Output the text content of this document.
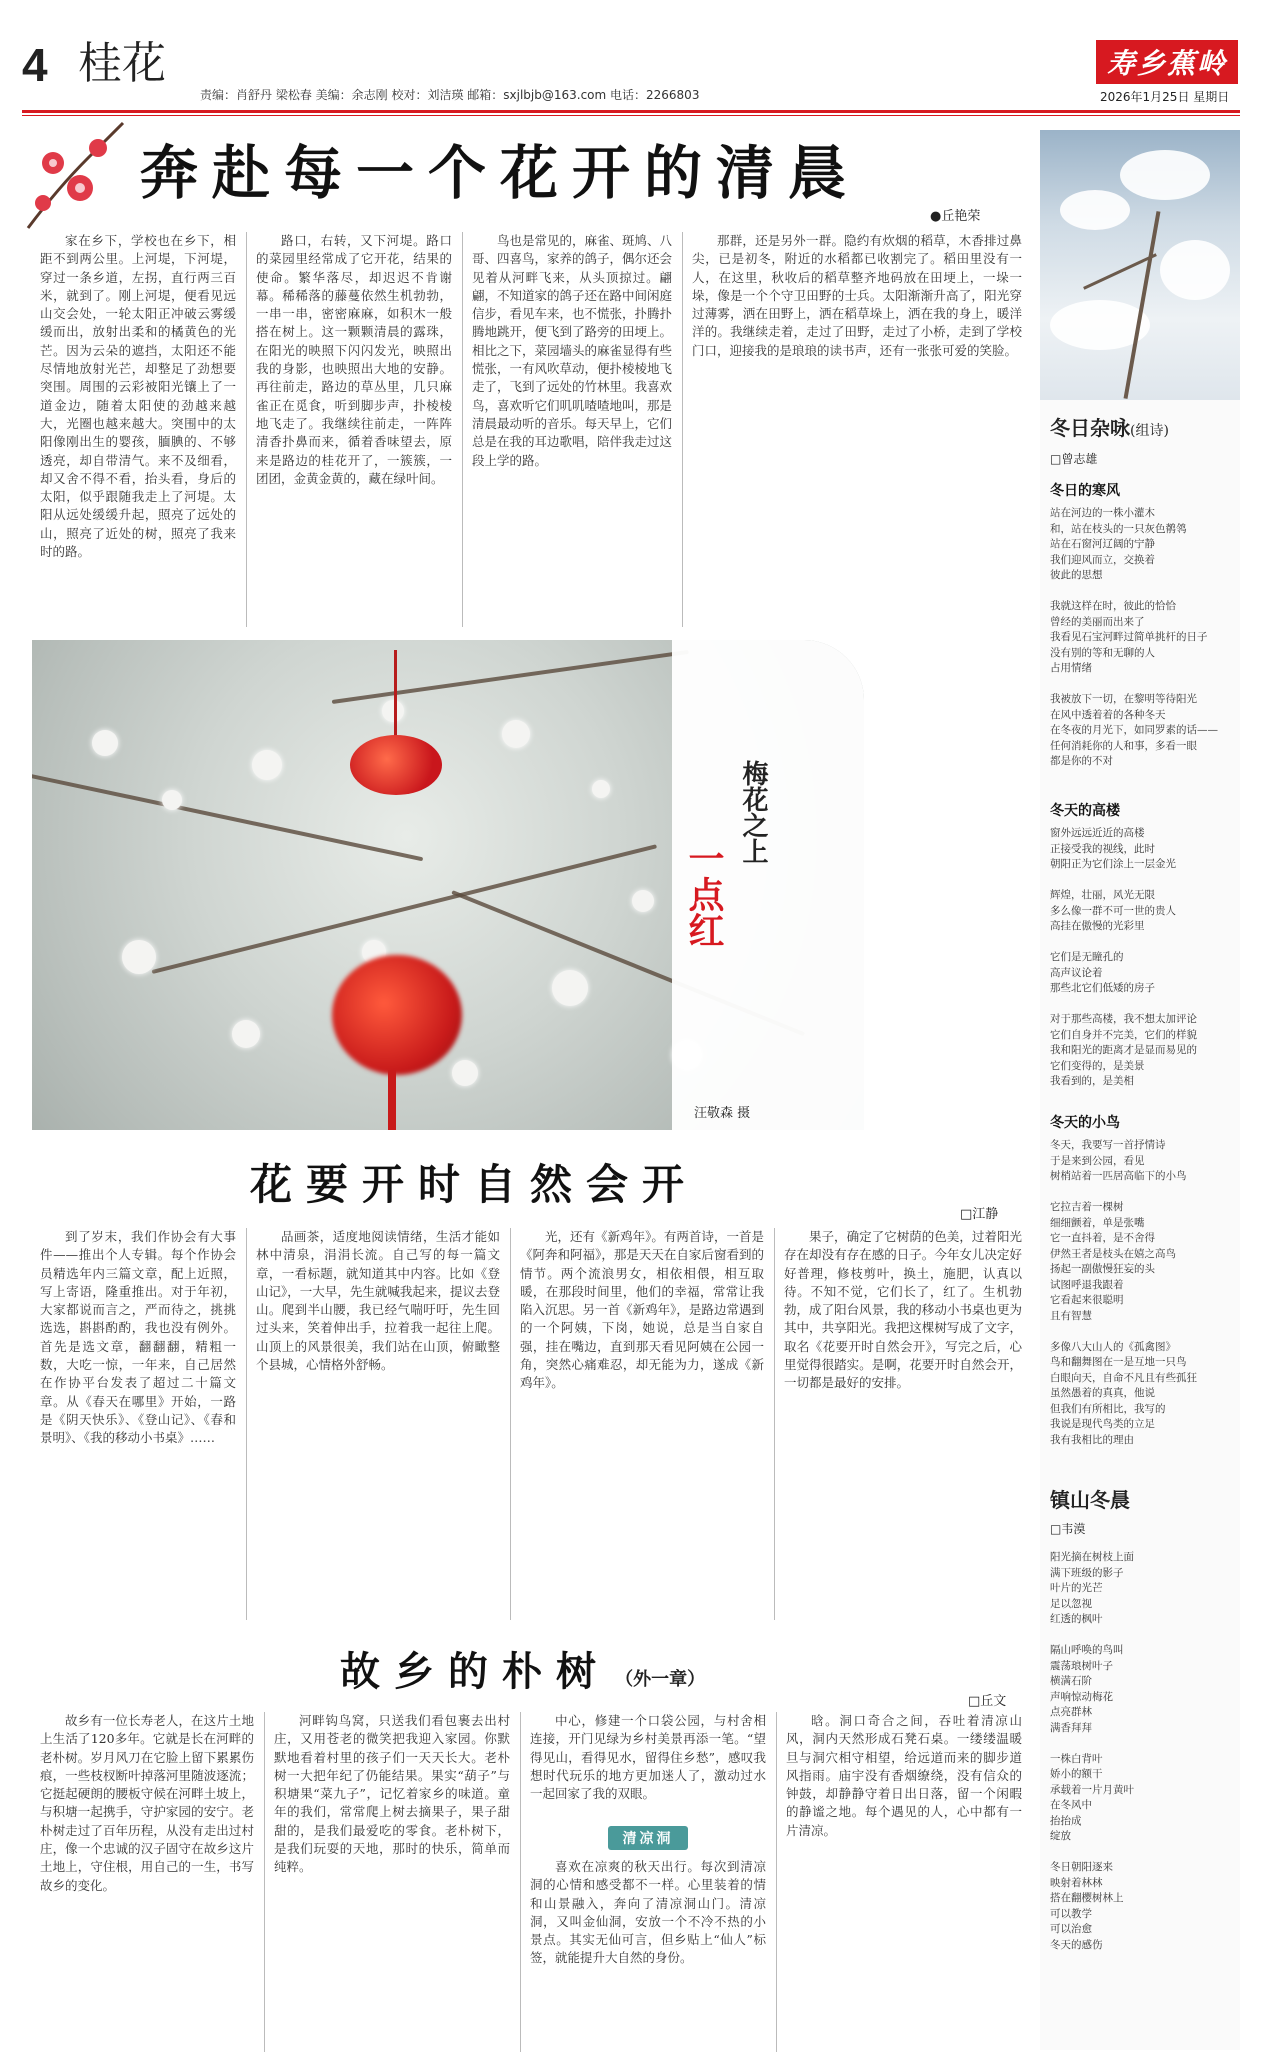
4 桂花
责编：肖舒丹 梁松春 美编：余志刚 校对：刘洁瑛 邮箱：sxjlbjb@163.com 电话：2266803
寿乡蕉岭
2026年1月25日 星期日
奔赴每一个花开的清晨
●丘艳荣

家在乡下，学校也在乡下，相距不到两公里。上河堤，下河堤，穿过一条乡道，左拐，直行两三百米，就到了。刚上河堤，便看见远山交会处，一轮太阳正冲破云雾缓缓而出，放射出柔和的橘黄色的光芒。因为云朵的遮挡，太阳还不能尽情地放射光芒，却整足了劲想要突围。周围的云彩被阳光镶上了一道金边，随着太阳使的劲越来越大，光圈也越来越大。突围中的太阳像刚出生的婴孩，腼腆的、不够透亮，却自带清气。来不及细看，却又舍不得不看，抬头看，身后的太阳，似乎跟随我走上了河堤。太阳从远处缓缓升起，照亮了远处的山，照亮了近处的树，照亮了我来时的路。

路口，右转，又下河堤。路口的菜园里经常成了它开花，结果的使命。繁华落尽，却迟迟不肯谢幕。稀稀落的藤蔓依然生机勃勃，一串一串，密密麻麻，如积木一般搭在树上。这一颗颗清晨的露珠，在阳光的映照下闪闪发光，映照出我的身影，也映照出大地的安静。再往前走，路边的草丛里，几只麻雀正在觅食，听到脚步声，扑棱棱地飞走了。我继续往前走，一阵阵清香扑鼻而来，循着香味望去，原来是路边的桂花开了，一簇簇，一团团，金黄金黄的，藏在绿叶间。

鸟也是常见的，麻雀、斑鸠、八哥、四喜鸟，家养的鸽子，偶尔还会见着从河畔飞来，从头顶掠过。翩翩，不知道家的鸽子还在路中间闲庭信步，看见车来，也不慌张，扑腾扑腾地跳开，便飞到了路旁的田埂上。相比之下，菜园墙头的麻雀显得有些慌张，一有风吹草动，便扑棱棱地飞走了，飞到了远处的竹林里。我喜欢鸟，喜欢听它们叽叽喳喳地叫，那是清晨最动听的音乐。每天早上，它们总是在我的耳边歌唱，陪伴我走过这段上学的路。

那群，还是另外一群。隐约有炊烟的稻草，木香排过鼻尖，已是初冬，附近的水稻都已收割完了。稻田里没有一人，在这里，秋收后的稻草整齐地码放在田埂上，一垛一垛，像是一个个守卫田野的士兵。太阳渐渐升高了，阳光穿过薄雾，洒在田野上，洒在稻草垛上，洒在我的身上，暖洋洋的。我继续走着，走过了田野，走过了小桥，走到了学校门口，迎接我的是琅琅的读书声，还有一张张可爱的笑脸。

梅花之上
一点红
汪敬森 摄
花要开时自然会开
□江静

到了岁末，我们作协会有大事件——推出个人专辑。每个作协会员精选年内三篇文章，配上近照，写上寄语，隆重推出。对于年初，大家都说而言之，严而待之，挑挑选选，斟斟酌酌，我也没有例外。首先是选文章，翻翻翻，精粗一数，大吃一惊，一年来，自己居然在作协平台发表了超过二十篇文章。从《春天在哪里》开始，一路是《阴天快乐》、《登山记》、《春和景明》、《我的移动小书桌》……

品画茶，适度地阅读情绪，生活才能如林中清泉，涓涓长流。自己写的每一篇文章，一看标题，就知道其中内容。比如《登山记》，一大早，先生就喊我起来，提议去登山。爬到半山腰，我已经气喘吁吁，先生回过头来，笑着伸出手，拉着我一起往上爬。山顶上的风景很美，我们站在山顶，俯瞰整个县城，心情格外舒畅。

光，还有《新鸡年》。有两首诗，一首是《阿奔和阿福》，那是天天在自家后窗看到的情节。两个流浪男女，相依相偎，相互取暖，在那段时间里，他们的幸福，常常让我陷入沉思。另一首《新鸡年》，是路边常遇到的一个阿姨，下岗，她说，总是当自家自强，挂在嘴边，直到那天看见阿姨在公园一角，突然心痛难忍，却无能为力，遂成《新鸡年》。

果子，确定了它树荫的色美，过着阳光存在却没有存在感的日子。今年女儿决定好好普理，修枝剪叶，换土，施肥，认真以待。不知不觉，它们长了，红了。生机勃勃，成了阳台风景，我的移动小书桌也更为其中，共享阳光。我把这棵树写成了文字，取名《花要开时自然会开》，写完之后，心里觉得很踏实。是啊，花要开时自然会开，一切都是最好的安排。

故乡的朴树 （外一章）
□丘文

故乡有一位长寿老人，在这片土地上生活了120多年。它就是长在河畔的老朴树。岁月风刀在它脸上留下累累伤痕，一些枝杈断叶掉落河里随波逐流；它挺起硬朗的腰板守候在河畔土坡上，与积塘一起携手，守护家园的安宁。老朴树走过了百年历程，从没有走出过村庄，像一个忠诚的汉子固守在故乡这片土地上，守住根，用自己的一生，书写故乡的变化。

河畔钩鸟窝，只送我们看包裹去出村庄，又用苍老的微笑把我迎入家园。你默默地看着村里的孩子们一天天长大。老朴树一大把年纪了仍能结果。果实“葫子”与积塘果“菜九子”，记忆着家乡的味道。童年的我们，常常爬上树去摘果子，果子甜甜的，是我们最爱吃的零食。老朴树下，是我们玩耍的天地，那时的快乐，简单而纯粹。

中心，修建一个口袋公园，与村舍相连接，开门见绿为乡村美景再添一笔。“望得见山，看得见水，留得住乡愁”，感叹我想时代玩乐的地方更加迷人了，激动过水一起回家了我的双眼。

清凉洞

喜欢在凉爽的秋天出行。每次到清凉洞的心情和感受都不一样。心里装着的情和山景融入，奔向了清凉洞山门。清凉洞，又叫金仙洞，安放一个不冷不热的小景点。其实无仙可言，但乡贴上“仙人”标签，就能提升大自然的身份。

晗。洞口奇合之间，吞吐着清凉山风，洞内天然形成石凳石桌。一缕缕温暖旦与洞穴相守相望，给远道而来的脚步道风指雨。庙宇没有香烟缭绕，没有信众的钟鼓，却静静守着日出日落，留一个闲暇的静谧之地。每个遇见的人，心中都有一片清凉。

冬日杂咏(组诗)
□曾志雄
冬日的寒风
站在河边的一株小灌木
和，站在枝头的一只灰色鹡鸰
站在石窗河辽阔的宁静
我们迎风而立，交换着
彼此的思想

我就这样在时，彼此的恰恰
曾经的美丽而出来了
我看见石宝河畔过简单挑杆的日子
没有别的等和无聊的人
占用情绪

我被放下一切，在黎明等待阳光
在风中透着着的各种冬天
在冬夜的月光下，如同罗素的话——
任何消耗你的人和事，多看一眼
都是你的不对
冬天的高楼
窗外远远近近的高楼
正接受我的视线，此时
朝阳正为它们涂上一层金光

辉煌，壮丽，风光无限
多么像一群不可一世的贵人
高挂在傲慢的光彩里

它们是无瞳孔的
高声议论着
那些北它们低矮的房子

对于那些高楼，我不想太加评论
它们自身并不完美，它们的样貌
我和阳光的距离才是显而易见的
它们变得的，是美景
我看到的，是美相
冬天的小鸟
冬天，我要写一首抒情诗
于是来到公园，看见
树梢站着一匹居高临下的小鸟

它拉吉着一棵树
细细颤着，单是张嘴
它一直抖着，是不舍得
伊然王者是枝头在嬉之高鸟
扬起一副傲慢狂妄的头
试图呼退我跟着
它看起来很聪明
且有智慧

多像八大山人的《孤禽图》
鸟和翻舞图在一是互地一只鸟
白眼向天，自命不凡且有些孤狂
虽然愚着的真真，他说
但我们有所相比，我写的
我说是现代鸟类的立足
我有我相比的理由
镇山冬晨
□韦漠
阳光摘在树枝上面
满下班级的影子
叶片的光芒
足以忽视
红透的枫叶

隔山呼唤的鸟叫
震荡琅树叶子
横满石阶
声响惊动梅花
点亮群林
满香拜拜

一株白背叶
娇小的额干
承载着一片月黄叶
在冬风中
抬抬成
绽放

冬日朝阳逐来
映射着林林
搭在翻樱树林上
可以教学
可以治愈
冬天的感伤
